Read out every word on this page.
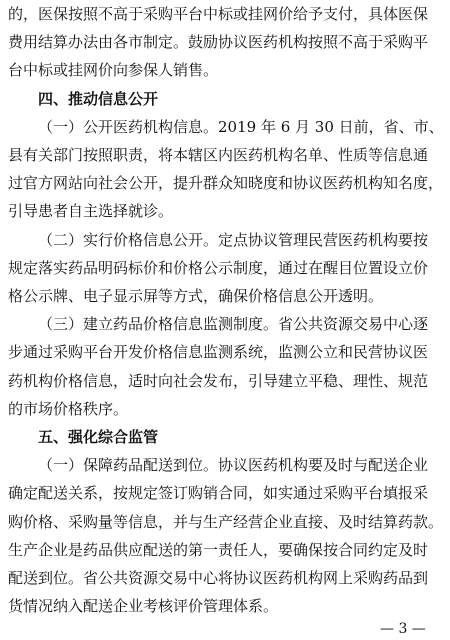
的，医保按照不高于采购平台中标或挂网价给予支付，具体医保
费用结算办法由各市制定。鼓励协议医药机构按照不高于采购平
台中标或挂网价向参保人销售。
四、推动信息公开
（一）公开医药机构信息。2019 年 6 月 30 日前，省、市、
县有关部门按照职责，将本辖区内医药机构名单、性质等信息通
过官方网站向社会公开，提升群众知晓度和协议医药机构知名度，
引导患者自主选择就诊。
（二）实行价格信息公开。定点协议管理民营医药机构要按
规定落实药品明码标价和价格公示制度，通过在醒目位置设立价
格公示牌、电子显示屏等方式，确保价格信息公开透明。
（三）建立药品价格信息监测制度。省公共资源交易中心逐
步通过采购平台开发价格信息监测系统，监测公立和民营协议医
药机构价格信息，适时向社会发布，引导建立平稳、理性、规范
的市场价格秩序。
五、强化综合监管
（一）保障药品配送到位。协议医药机构要及时与配送企业
确定配送关系，按规定签订购销合同，如实通过采购平台填报采
购价格、采购量等信息，并与生产经营企业直接、及时结算药款。
生产企业是药品供应配送的第一责任人，要确保按合同约定及时
配送到位。省公共资源交易中心将协议医药机构网上采购药品到
— 3 —
货情况纳入配送企业考核评价管理体系。
